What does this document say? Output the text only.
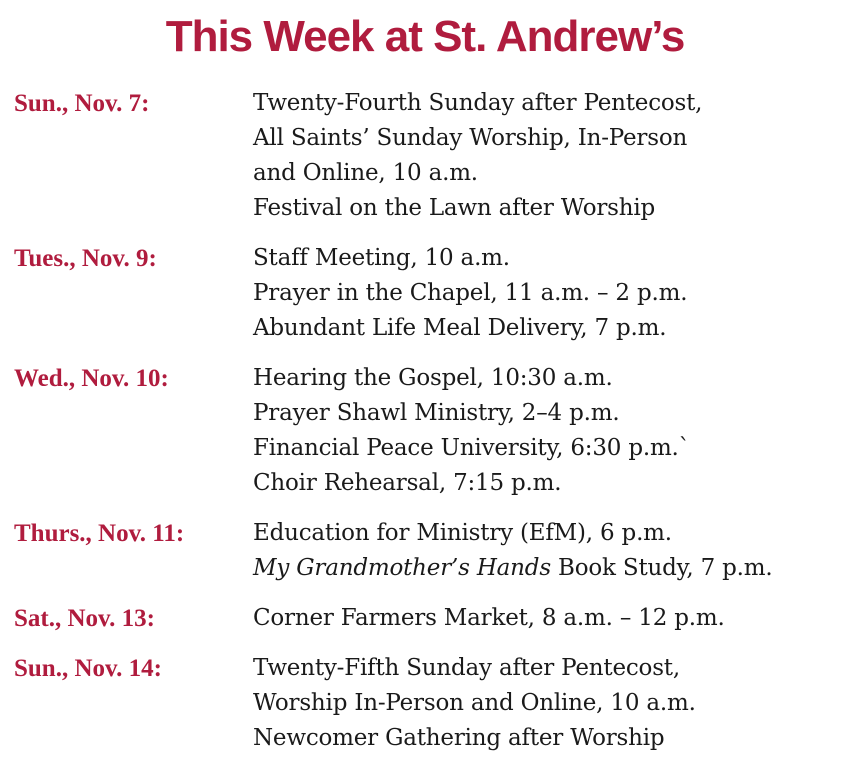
This Week at St. Andrew’s
Sun., Nov. 7:	Twenty-Fourth Sunday after Pentecost,
All Saints’ Sunday Worship, In-Person
and Online, 10 a.m.
Festival on the Lawn after Worship
Tues., Nov. 9:	Staff Meeting, 10 a.m.
Prayer in the Chapel, 11 a.m. – 2 p.m.
Abundant Life Meal Delivery, 7 p.m.
Wed., Nov. 10:	Hearing the Gospel, 10:30 a.m.
Prayer Shawl Ministry, 2–4 p.m.
Financial Peace University, 6:30 p.m.`
Choir Rehearsal, 7:15 p.m.
Thurs., Nov. 11:	Education for Ministry (EfM), 6 p.m.
My Grandmother’s Hands Book Study, 7 p.m.
Sat., Nov. 13:	Corner Farmers Market, 8 a.m. – 12 p.m.
Sun., Nov. 14:	Twenty-Fifth Sunday after Pentecost,
Worship In-Person and Online, 10 a.m.
Newcomer Gathering after Worship
